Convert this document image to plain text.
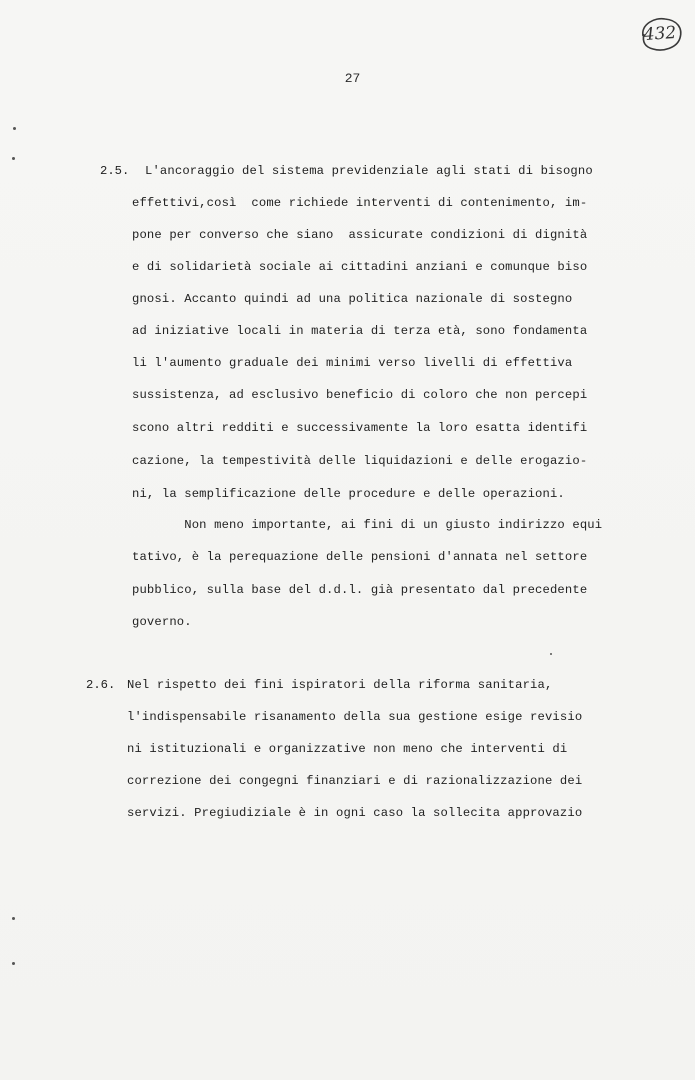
432
27
2.5. L'ancoraggio del sistema previdenziale agli stati di bisogno
effettivi,così  come richiede interventi di contenimento, im-
pone per converso che siano  assicurate condizioni di dignità
e di solidarietà sociale ai cittadini anziani e comunque biso
gnosi. Accanto quindi ad una politica nazionale di sostegno
ad iniziative locali in materia di terza età, sono fondamenta
li l'aumento graduale dei minimi verso livelli di effettiva
sussistenza, ad esclusivo beneficio di coloro che non percepi
scono altri redditi e successivamente la loro esatta identifi
cazione, la tempestività delle liquidazioni e delle erogazio-
ni, la semplificazione delle procedure e delle operazioni.
Non meno importante, ai fini di un giusto indirizzo equi
tativo, è la perequazione delle pensioni d'annata nel settore
pubblico, sulla base del d.d.l. già presentato dal precedente
governo.
2.6. Nel rispetto dei fini ispiratori della riforma sanitaria,
l'indispensabile risanamento della sua gestione esige revisio
ni istituzionali e organizzative non meno che interventi di
correzione dei congegni finanziari e di razionalizzazione dei
servizi. Pregiudiziale è in ogni caso la sollecita approvazio
